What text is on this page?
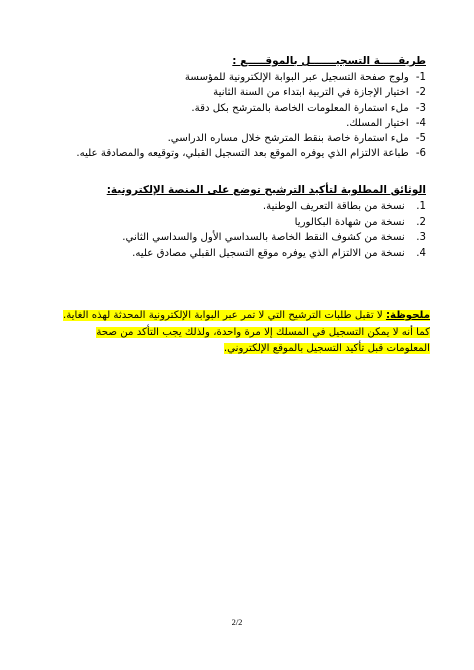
طريقـــــة التسجيـــــــل بالموقـــــع :
1- ولوج صفحة التسجيل عبر البوابة الإلكترونية للمؤسسة
2- اختيار الإجازة في التربية ابتداء من السنة الثانية
3- ملء استمارة المعلومات الخاصة بالمترشح بكل دقة.
4- اختيار المسلك.
5- ملء استمارة خاصة بنقط المترشح خلال مساره الدراسي.
6- طباعة الالتزام الذي يوفره الموقع بعد التسجيل القبلي، وتوقيعه والمصادقة عليه.
الوثائق المطلوبة لتأكيد الترشيح توضع على المنصة الإلكترونية:
1. نسخة من بطاقة التعريف الوطنية.
2. نسخة من شهادة البكالوريا
3. نسخة من كشوف النقط الخاصة بالسداسي الأول والسداسي الثاني.
4. نسخة من الالتزام الذي يوفره موقع التسجيل القبلي مصادق عليه.
ملحوظة: لا تقبل طلبات الترشيح التي لا تمر عبر البوابة الإلكترونية المحدثة لهذه الغاية.
كما أنه لا يمكن التسجيل في المسلك إلا مرة واحدة، ولذلك يجب التأكد من صحة
المعلومات قبل تأكيد التسجيل بالموقع الإلكتروني.
2/2
